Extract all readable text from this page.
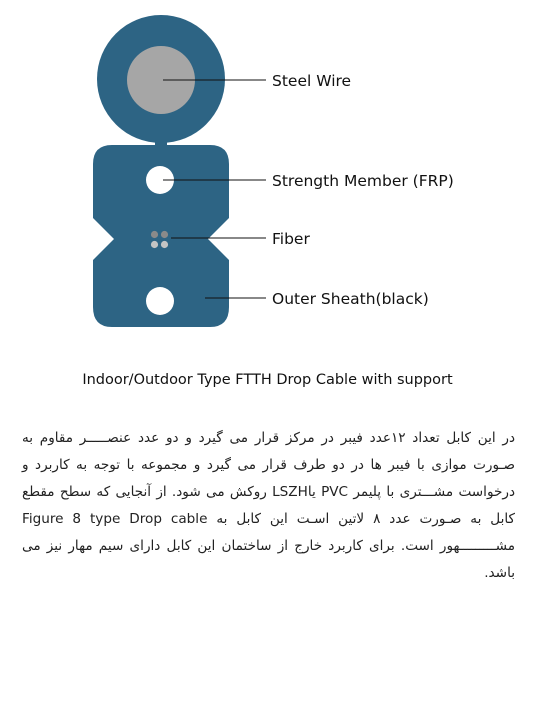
Steel Wire
Strength Member (FRP)
Fiber
Outer Sheath(black)
Indoor/Outdoor Type FTTH Drop Cable with support

در این کابل تعداد ۱۲عدد فیبر در مرکز قرار می گیرد و دو عدد عنصـــــر مقاوم به صـورت موازی با فیبر ها در دو طرف قرار می گیرد و مجموعه با توجه به کاربرد و درخواست مشـــتری با پلیمر PVC یاLSZH روکش می شود. از آنجایی که سطح مقطع کابل به صـورت عدد ۸ لاتین اسـت این کابل به Figure 8 type Drop cable مشـــــــــهور است. برای کاربرد خارج از ساختمان این کابل دارای سیم مهار نیز می باشد.
